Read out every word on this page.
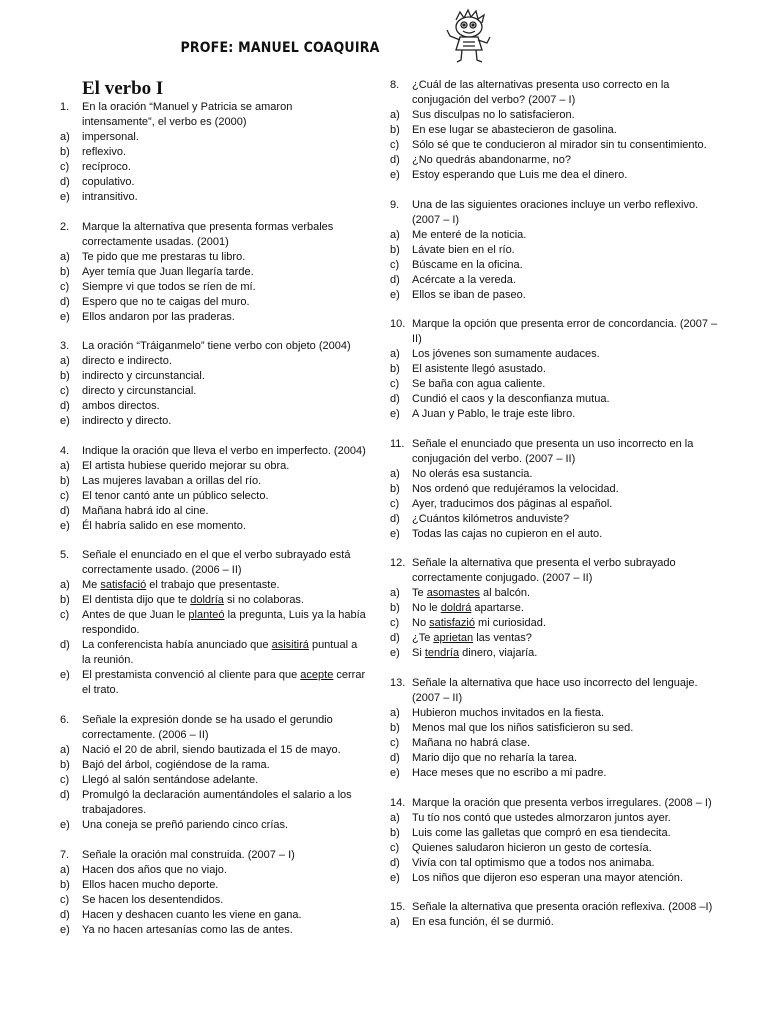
PROFE: MANUEL COAQUIRA
El verbo I
1. En la oración “Manuel y Patricia se amaron intensamente”, el verbo es (2000)
a) impersonal.
b) reflexivo.
c) recíproco.
d) copulativo.
e) intransitivo.
2. Marque la alternativa que presenta formas verbales correctamente usadas. (2001)
a) Te pido que me prestaras tu libro.
b) Ayer temía que Juan llegaría tarde.
c) Siempre vi que todos se ríen de mí.
d) Espero que no te caigas del muro.
e) Ellos andaron por las praderas.
3. La oración “Tráiganmelo” tiene verbo con objeto (2004)
a) directo e indirecto.
b) indirecto y circunstancial.
c) directo y circunstancial.
d) ambos directos.
e) indirecto y directo.
4. Indique la oración que lleva el verbo en imperfecto. (2004)
a) El artista hubiese querido mejorar su obra.
b) Las mujeres lavaban a orillas del río.
c) El tenor cantó ante un público selecto.
d) Mañana habrá ido al cine.
e) Él habría salido en ese momento.
5. Señale el enunciado en el que el verbo subrayado está correctamente usado. (2006 – II)
a) Me satisfació el trabajo que presentaste.
b) El dentista dijo que te doldría si no colaboras.
c) Antes de que Juan le planteó la pregunta, Luis ya la había respondido.
d) La conferencista había anunciado que asisitirá puntual a la reunión.
e) El prestamista convenció al cliente para que acepte cerrar el trato.
6. Señale la expresión donde se ha usado el gerundio correctamente. (2006 – II)
a) Nació el 20 de abril, siendo bautizada el 15 de mayo.
b) Bajó del árbol, cogiéndose de la rama.
c) Llegó al salón sentándose adelante.
d) Promulgó la declaración aumentándoles el salario a los trabajadores.
e) Una coneja se preñó pariendo cinco crías.
7. Señale la oración mal construida. (2007 – I)
a) Hacen dos años que no viajo.
b) Ellos hacen mucho deporte.
c) Se hacen los desentendidos.
d) Hacen y deshacen cuanto les viene en gana.
e) Ya no hacen artesanías como las de antes.
8. ¿Cuál de las alternativas presenta uso correcto en la conjugación del verbo? (2007 – I)
a) Sus disculpas no lo satisfacieron.
b) En ese lugar se abastecieron de gasolina.
c) Sólo sé que te conducieron al mirador sin tu consentimiento.
d) ¿No quedrás abandonarme, no?
e) Estoy esperando que Luis me dea el dinero.
9. Una de las siguientes oraciones incluye un verbo reflexivo. (2007 – I)
a) Me enteré de la noticia.
b) Lávate bien en el río.
c) Búscame en la oficina.
d) Acércate a la vereda.
e) Ellos se iban de paseo.
10. Marque la opción que presenta error de concordancia. (2007 – II)
a) Los jóvenes son sumamente audaces.
b) El asistente llegó asustado.
c) Se baña con agua caliente.
d) Cundió el caos y la desconfianza mutua.
e) A Juan y Pablo, le traje este libro.
11. Señale el enunciado que presenta un uso incorrecto en la conjugación del verbo. (2007 – II)
a) No olerás esa sustancia.
b) Nos ordenó que redujéramos la velocidad.
c) Ayer, traducimos dos páginas al español.
d) ¿Cuántos kilómetros anduviste?
e) Todas las cajas no cupieron en el auto.
12. Señale la alternativa que presenta el verbo subrayado correctamente conjugado. (2007 – II)
a) Te asomastes al balcón.
b) No le doldrá apartarse.
c) No satisfazió mi curiosidad.
d) ¿Te aprietan las ventas?
e) Si tendría dinero, viajaría.
13. Señale la alternativa que hace uso incorrecto del lenguaje. (2007 – II)
a) Hubieron muchos invitados en la fiesta.
b) Menos mal que los niños satisficieron su sed.
c) Mañana no habrá clase.
d) Mario dijo que no reharía la tarea.
e) Hace meses que no escribo a mi padre.
14. Marque la oración que presenta verbos irregulares. (2008 – I)
a) Tu tío nos contó que ustedes almorzaron juntos ayer.
b) Luis come las galletas que compró en esa tiendecita.
c) Quienes saludaron hicieron un gesto de cortesía.
d) Vivía con tal optimismo que a todos nos animaba.
e) Los niños que dijeron eso esperan una mayor atención.
15. Señale la alternativa que presenta oración reflexiva. (2008 –I)
a) En esa función, él se durmió.
